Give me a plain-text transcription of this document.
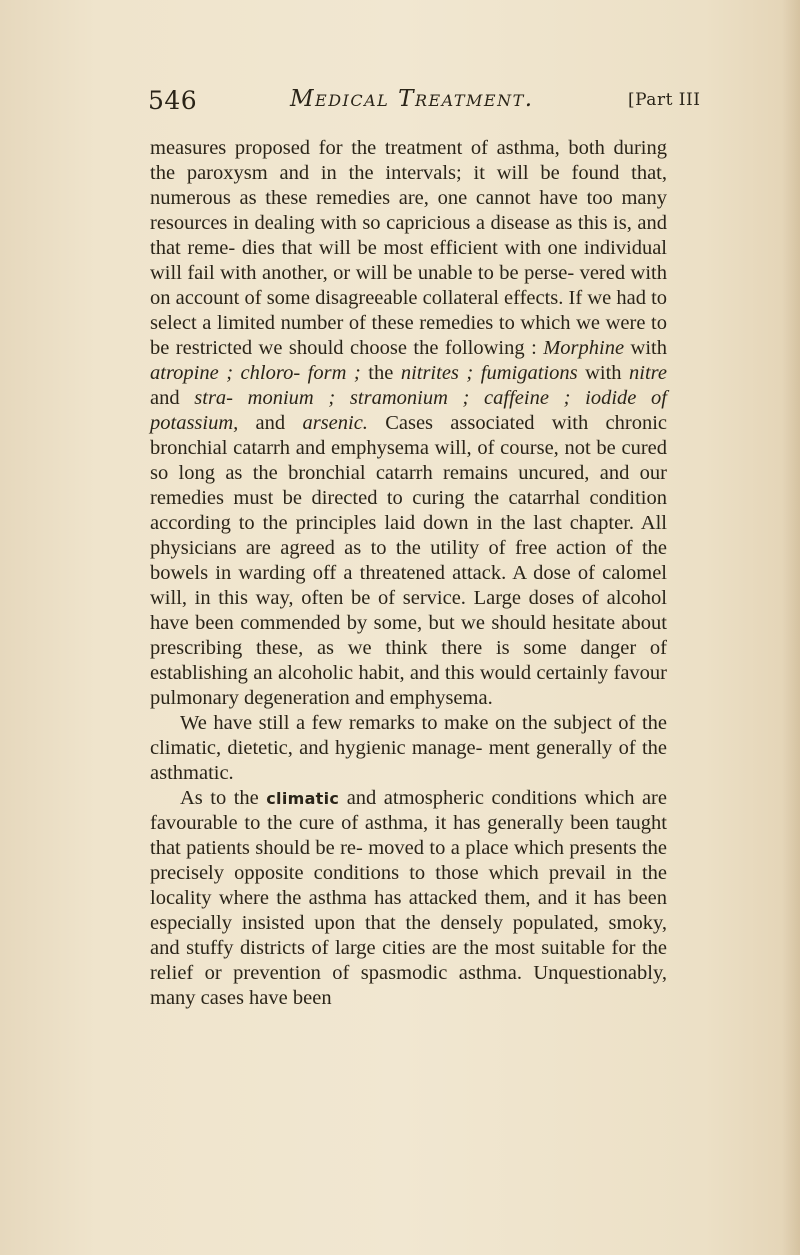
546	Medical Treatment.	[Part III

measures proposed for the treatment of asthma, both during the paroxysm and in the intervals; it will be found that, numerous as these remedies are, one cannot have too many resources in dealing with so capricious a disease as this is, and that reme- dies that will be most efficient with one individual will fail with another, or will be unable to be perse- vered with on account of some disagreeable collateral effects. If we had to select a limited number of these remedies to which we were to be restricted we should choose the following : Morphine with atropine ; chloro- form ; the nitrites ; fumigations with nitre and stra- monium ; stramonium ; caffeine ; iodide of potassium, and arsenic. Cases associated with chronic bronchial catarrh and emphysema will, of course, not be cured so long as the bronchial catarrh remains uncured, and our remedies must be directed to curing the catarrhal condition according to the principles laid down in the last chapter. All physicians are agreed as to the utility of free action of the bowels in warding off a threatened attack. A dose of calomel will, in this way, often be of service. Large doses of alcohol have been commended by some, but we should hesitate about prescribing these, as we think there is some danger of establishing an alcoholic habit, and this would certainly favour pulmonary degeneration and emphysema.

We have still a few remarks to make on the subject of the climatic, dietetic, and hygienic manage- ment generally of the asthmatic.

As to the climatic and atmospheric conditions which are favourable to the cure of asthma, it has generally been taught that patients should be re- moved to a place which presents the precisely opposite conditions to those which prevail in the locality where the asthma has attacked them, and it has been especially insisted upon that the densely populated, smoky, and stuffy districts of large cities are the most suitable for the relief or prevention of spasmodic asthma. Unquestionably, many cases have been
